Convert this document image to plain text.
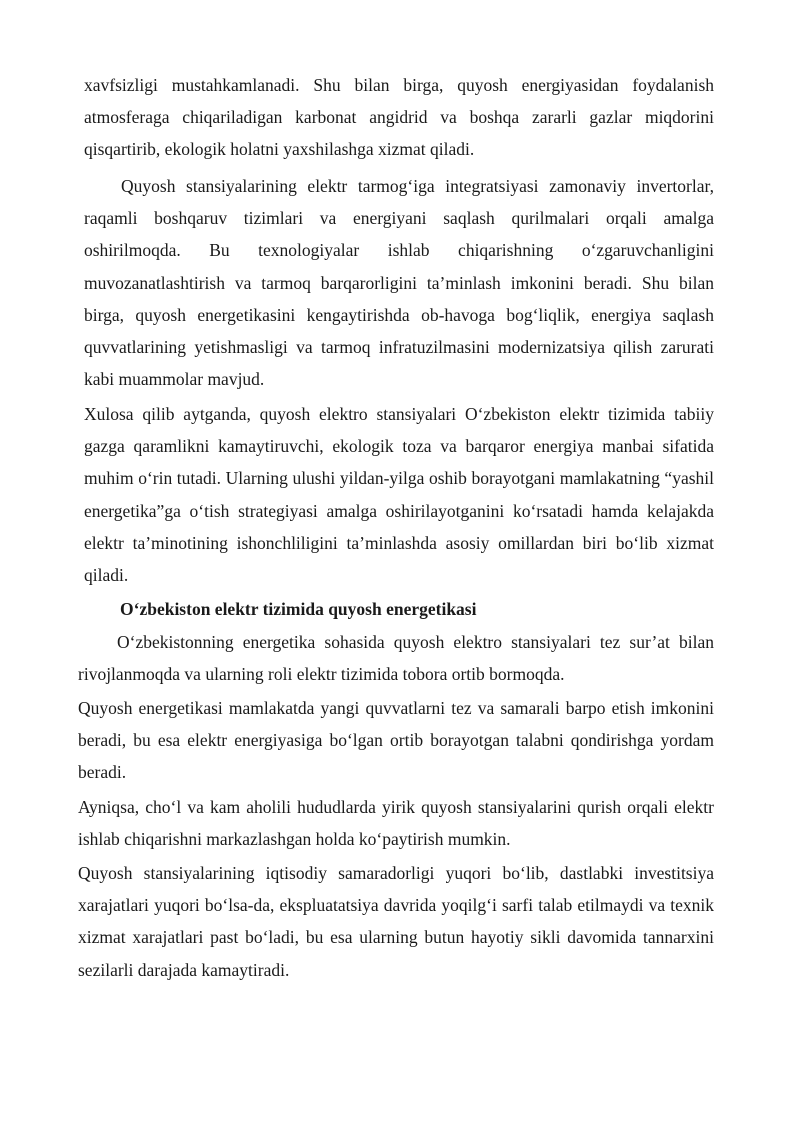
xavfsizligi mustahkamlanadi. Shu bilan birga, quyosh energiyasidan foydalanish atmosferaga chiqariladigan karbonat angidrid va boshqa zararli gazlar miqdorini qisqartirib, ekologik holatni yaxshilashga xizmat qiladi.

Quyosh stansiyalarining elektr tarmog‘iga integratsiyasi zamonaviy invertorlar, raqamli boshqaruv tizimlari va energiyani saqlash qurilmalari orqali amalga oshirilmoqda. Bu texnologiyalar ishlab chiqarishning o‘zgaruvchanligini muvozanatlashtirish va tarmoq barqarorligini ta’minlash imkonini beradi. Shu bilan birga, quyosh energetikasini kengaytirishda ob-havoga bog‘liqlik, energiya saqlash quvvatlarining yetishmasligi va tarmoq infratuzilmasini modernizatsiya qilish zarurati kabi muammolar mavjud.

Xulosa qilib aytganda, quyosh elektro stansiyalari O‘zbekiston elektr tizimida tabiiy gazga qaramlikni kamaytiruvchi, ekologik toza va barqaror energiya manbai sifatida muhim o‘rin tutadi. Ularning ulushi yildan-yilga oshib borayotgani mamlakatning “yashil energetika”ga o‘tish strategiyasi amalga oshirilayotganini ko‘rsatadi hamda kelajakda elektr ta’minotining ishonchliligini ta’minlashda asosiy omillardan biri bo‘lib xizmat qiladi.

O‘zbekiston elektr tizimida quyosh energetikasi

O‘zbekistonning energetika sohasida quyosh elektro stansiyalari tez sur’at bilan rivojlanmoqda va ularning roli elektr tizimida tobora ortib bormoqda.

Quyosh energetikasi mamlakatda yangi quvvatlarni tez va samarali barpo etish imkonini beradi, bu esa elektr energiyasiga bo‘lgan ortib borayotgan talabni qondirishga yordam beradi.

Ayniqsa, cho‘l va kam aholili hududlarda yirik quyosh stansiyalarini qurish orqali elektr ishlab chiqarishni markazlashgan holda ko‘paytirish mumkin.

Quyosh stansiyalarining iqtisodiy samaradorligi yuqori bo‘lib, dastlabki investitsiya xarajatlari yuqori bo‘lsa-da, ekspluatatsiya davrida yoqilg‘i sarfi talab etilmaydi va texnik xizmat xarajatlari past bo‘ladi, bu esa ularning butun hayotiy sikli davomida tannarxini sezilarli darajada kamaytiradi.
